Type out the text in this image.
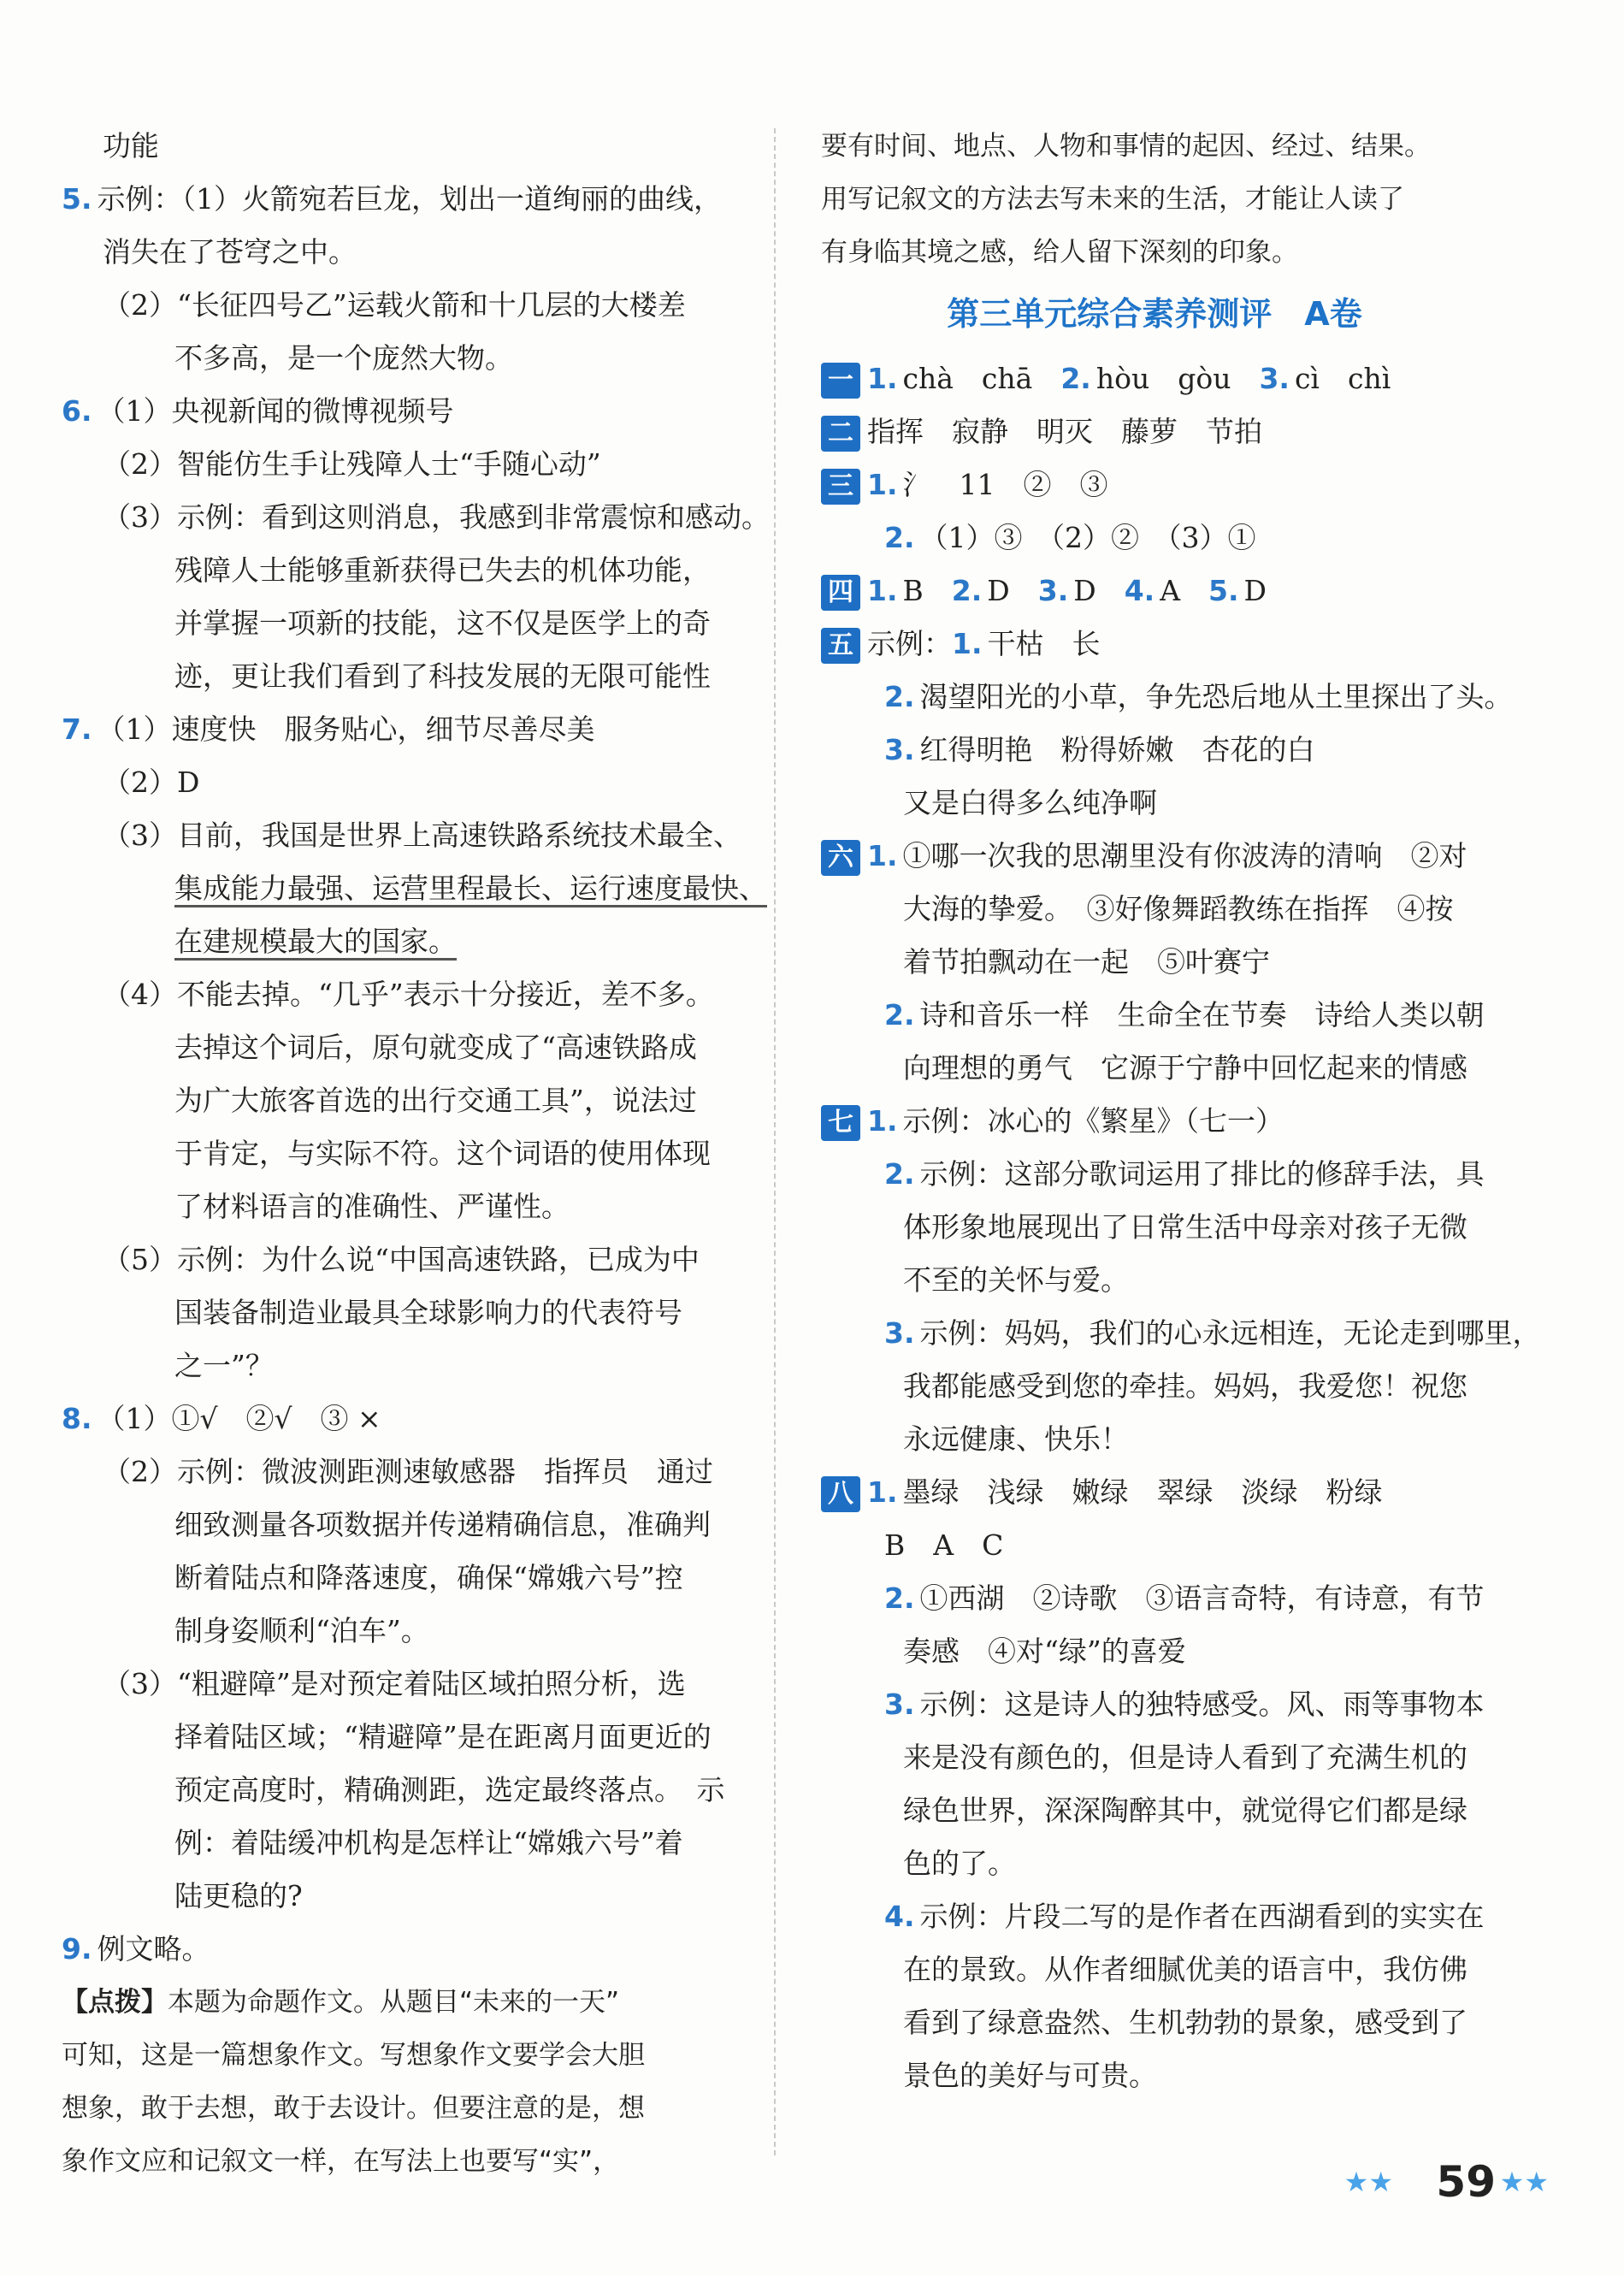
功能
5. 示例：（1）火箭宛若巨龙，划出一道绚丽的曲线，
消失在了苍穹之中。
（2）“长征四号乙”运载火箭和十几层的大楼差
不多高，是一个庞然大物。
6. （1）央视新闻的微博视频号
（2）智能仿生手让残障人士“手随心动”
（3）示例：看到这则消息，我感到非常震惊和感动。
残障人士能够重新获得已失去的机体功能，
并掌握一项新的技能，这不仅是医学上的奇
迹，更让我们看到了科技发展的无限可能性
7. （1）速度快　服务贴心，细节尽善尽美
（2）D
（3）目前，我国是世界上高速铁路系统技术最全、
集成能力最强、运营里程最长、运行速度最快、
在建规模最大的国家。
（4）不能去掉。“几乎”表示十分接近，差不多。
去掉这个词后，原句就变成了“高速铁路成
为广大旅客首选的出行交通工具”，说法过
于肯定，与实际不符。这个词语的使用体现
了材料语言的准确性、严谨性。
（5）示例：为什么说“中国高速铁路，已成为中
国装备制造业最具全球影响力的代表符号
之一”？
8. （1）①√　②√　③ ×
（2）示例：微波测距测速敏感器　指挥员　通过
细致测量各项数据并传递精确信息，准确判
断着陆点和降落速度，确保“嫦娥六号”控
制身姿顺利“泊车”。
（3）“粗避障”是对预定着陆区域拍照分析，选
择着陆区域；“精避障”是在距离月面更近的
预定高度时，精确测距，选定最终落点。　示
例：着陆缓冲机构是怎样让“嫦娥六号”着
陆更稳的?
9. 例文略。
【点拨】本题为命题作文。从题目“未来的一天”
可知，这是一篇想象作文。写想象作文要学会大胆
想象，敢于去想，敢于去设计。但要注意的是，想
象作文应和记叙文一样，在写法上也要写“实”，
要有时间、地点、人物和事情的起因、经过、结果。
用写记叙文的方法去写未来的生活，才能让人读了
有身临其境之感，给人留下深刻的印象。
第三单元综合素养测评　A卷
一 1. chà　chā　2. hòu　gòu　3. cì　chì
二 指挥　寂静　明灭　藤萝　节拍
三 1. 氵　11　②　③
2. （1）③　（2）②　（3）①
四 1. B　2. D　3. D　4. A　5. D
五 示例：1. 干枯　长
2. 渴望阳光的小草，争先恐后地从土里探出了头。
3. 红得明艳　粉得娇嫩　杏花的白
又是白得多么纯净啊
六 1. ①哪一次我的思潮里没有你波涛的清响　②对
大海的挚爱。　③好像舞蹈教练在指挥　④按
着节拍飘动在一起　⑤叶赛宁
2. 诗和音乐一样　生命全在节奏　诗给人类以朝
向理想的勇气　它源于宁静中回忆起来的情感
七 1. 示例：冰心的《繁星》（七一）
2. 示例：这部分歌词运用了排比的修辞手法，具
体形象地展现出了日常生活中母亲对孩子无微
不至的关怀与爱。
3. 示例：妈妈，我们的心永远相连，无论走到哪里，
我都能感受到您的牵挂。妈妈，我爱您！祝您
永远健康、快乐！
八 1. 墨绿　浅绿　嫩绿　翠绿　淡绿　粉绿
B　A　C
2. ①西湖　②诗歌　③语言奇特，有诗意，有节
奏感　④对“绿”的喜爱
3. 示例：这是诗人的独特感受。风、雨等事物本
来是没有颜色的，但是诗人看到了充满生机的
绿色世界，深深陶醉其中，就觉得它们都是绿
色的了。
4. 示例：片段二写的是作者在西湖看到的实实在
在的景致。从作者细腻优美的语言中，我仿佛
看到了绿意盎然、生机勃勃的景象，感受到了
景色的美好与可贵。
★★ 59 ★★
